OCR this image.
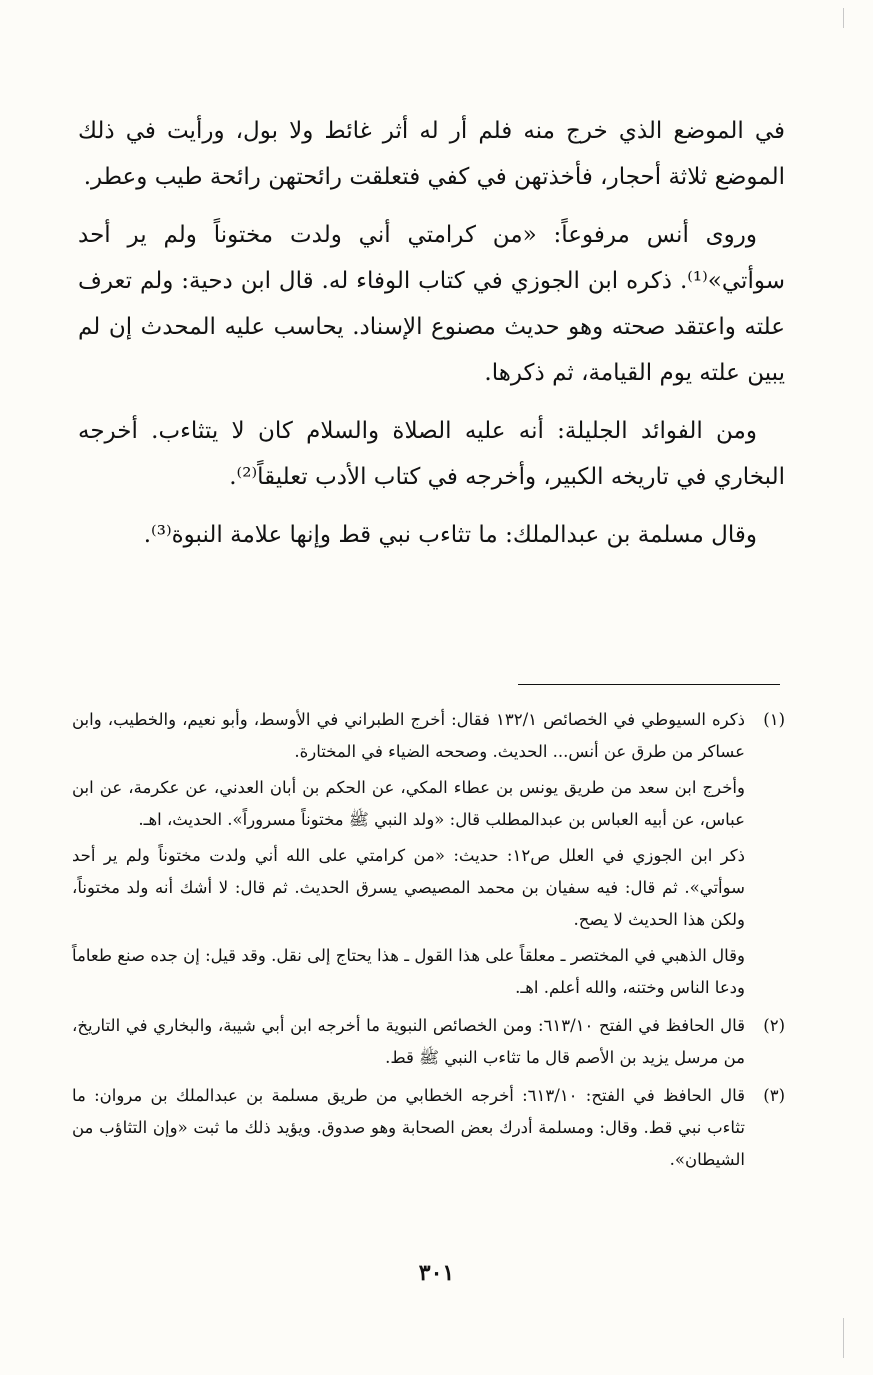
في الموضع الذي خرج منه فلم أر له أثر غائط ولا بول، ورأيت في ذلك الموضع ثلاثة أحجار، فأخذتهن في كفي فتعلقت رائحتهن رائحة طيب وعطر.

وروى أنس مرفوعاً: «من كرامتي أني ولدت مختوناً ولم ير أحد سوأتي»⁽¹⁾. ذكره ابن الجوزي في كتاب الوفاء له. قال ابن دحية: ولم تعرف علته واعتقد صحته وهو حديث مصنوع الإسناد. يحاسب عليه المحدث إن لم يبين علته يوم القيامة، ثم ذكرها.

ومن الفوائد الجليلة: أنه عليه الصلاة والسلام كان لا يتثاءب. أخرجه البخاري في تاريخه الكبير، وأخرجه في كتاب الأدب تعليقاً⁽²⁾.

وقال مسلمة بن عبدالملك: ما تثاءب نبي قط وإنها علامة النبوة⁽³⁾.

(١)

ذكره السيوطي في الخصائص ١٣٢/١ فقال: أخرج الطبراني في الأوسط، وأبو نعيم، والخطيب، وابن عساكر من طرق عن أنس... الحديث. وصححه الضياء في المختارة.

وأخرج ابن سعد من طريق يونس بن عطاء المكي، عن الحكم بن أبان العدني، عن عكرمة، عن ابن عباس، عن أبيه العباس بن عبدالمطلب قال: «ولد النبي ﷺ مختوناً مسروراً». الحديث، اهـ.

ذكر ابن الجوزي في العلل ص١٢: حديث: «من كرامتي على الله أني ولدت مختوناً ولم ير أحد سوأتي». ثم قال: فيه سفيان بن محمد المصيصي يسرق الحديث. ثم قال: لا أشك أنه ولد مختوناً، ولكن هذا الحديث لا يصح.

وقال الذهبي في المختصر ـ معلقاً على هذا القول ـ هذا يحتاج إلى نقل. وقد قيل: إن جده صنع طعاماً ودعا الناس وختنه، والله أعلم. اهـ.

(٢)

قال الحافظ في الفتح ٦١٣/١٠: ومن الخصائص النبوية ما أخرجه ابن أبي شيبة، والبخاري في التاريخ، من مرسل يزيد بن الأصم قال ما تثاءب النبي ﷺ قط.

(٣)

قال الحافظ في الفتح: ٦١٣/١٠: أخرجه الخطابي من طريق مسلمة بن عبدالملك بن مروان: ما تثاءب نبي قط. وقال: ومسلمة أدرك بعض الصحابة وهو صدوق. ويؤيد ذلك ما ثبت «وإن التثاؤب من الشيطان».

٣٠١
